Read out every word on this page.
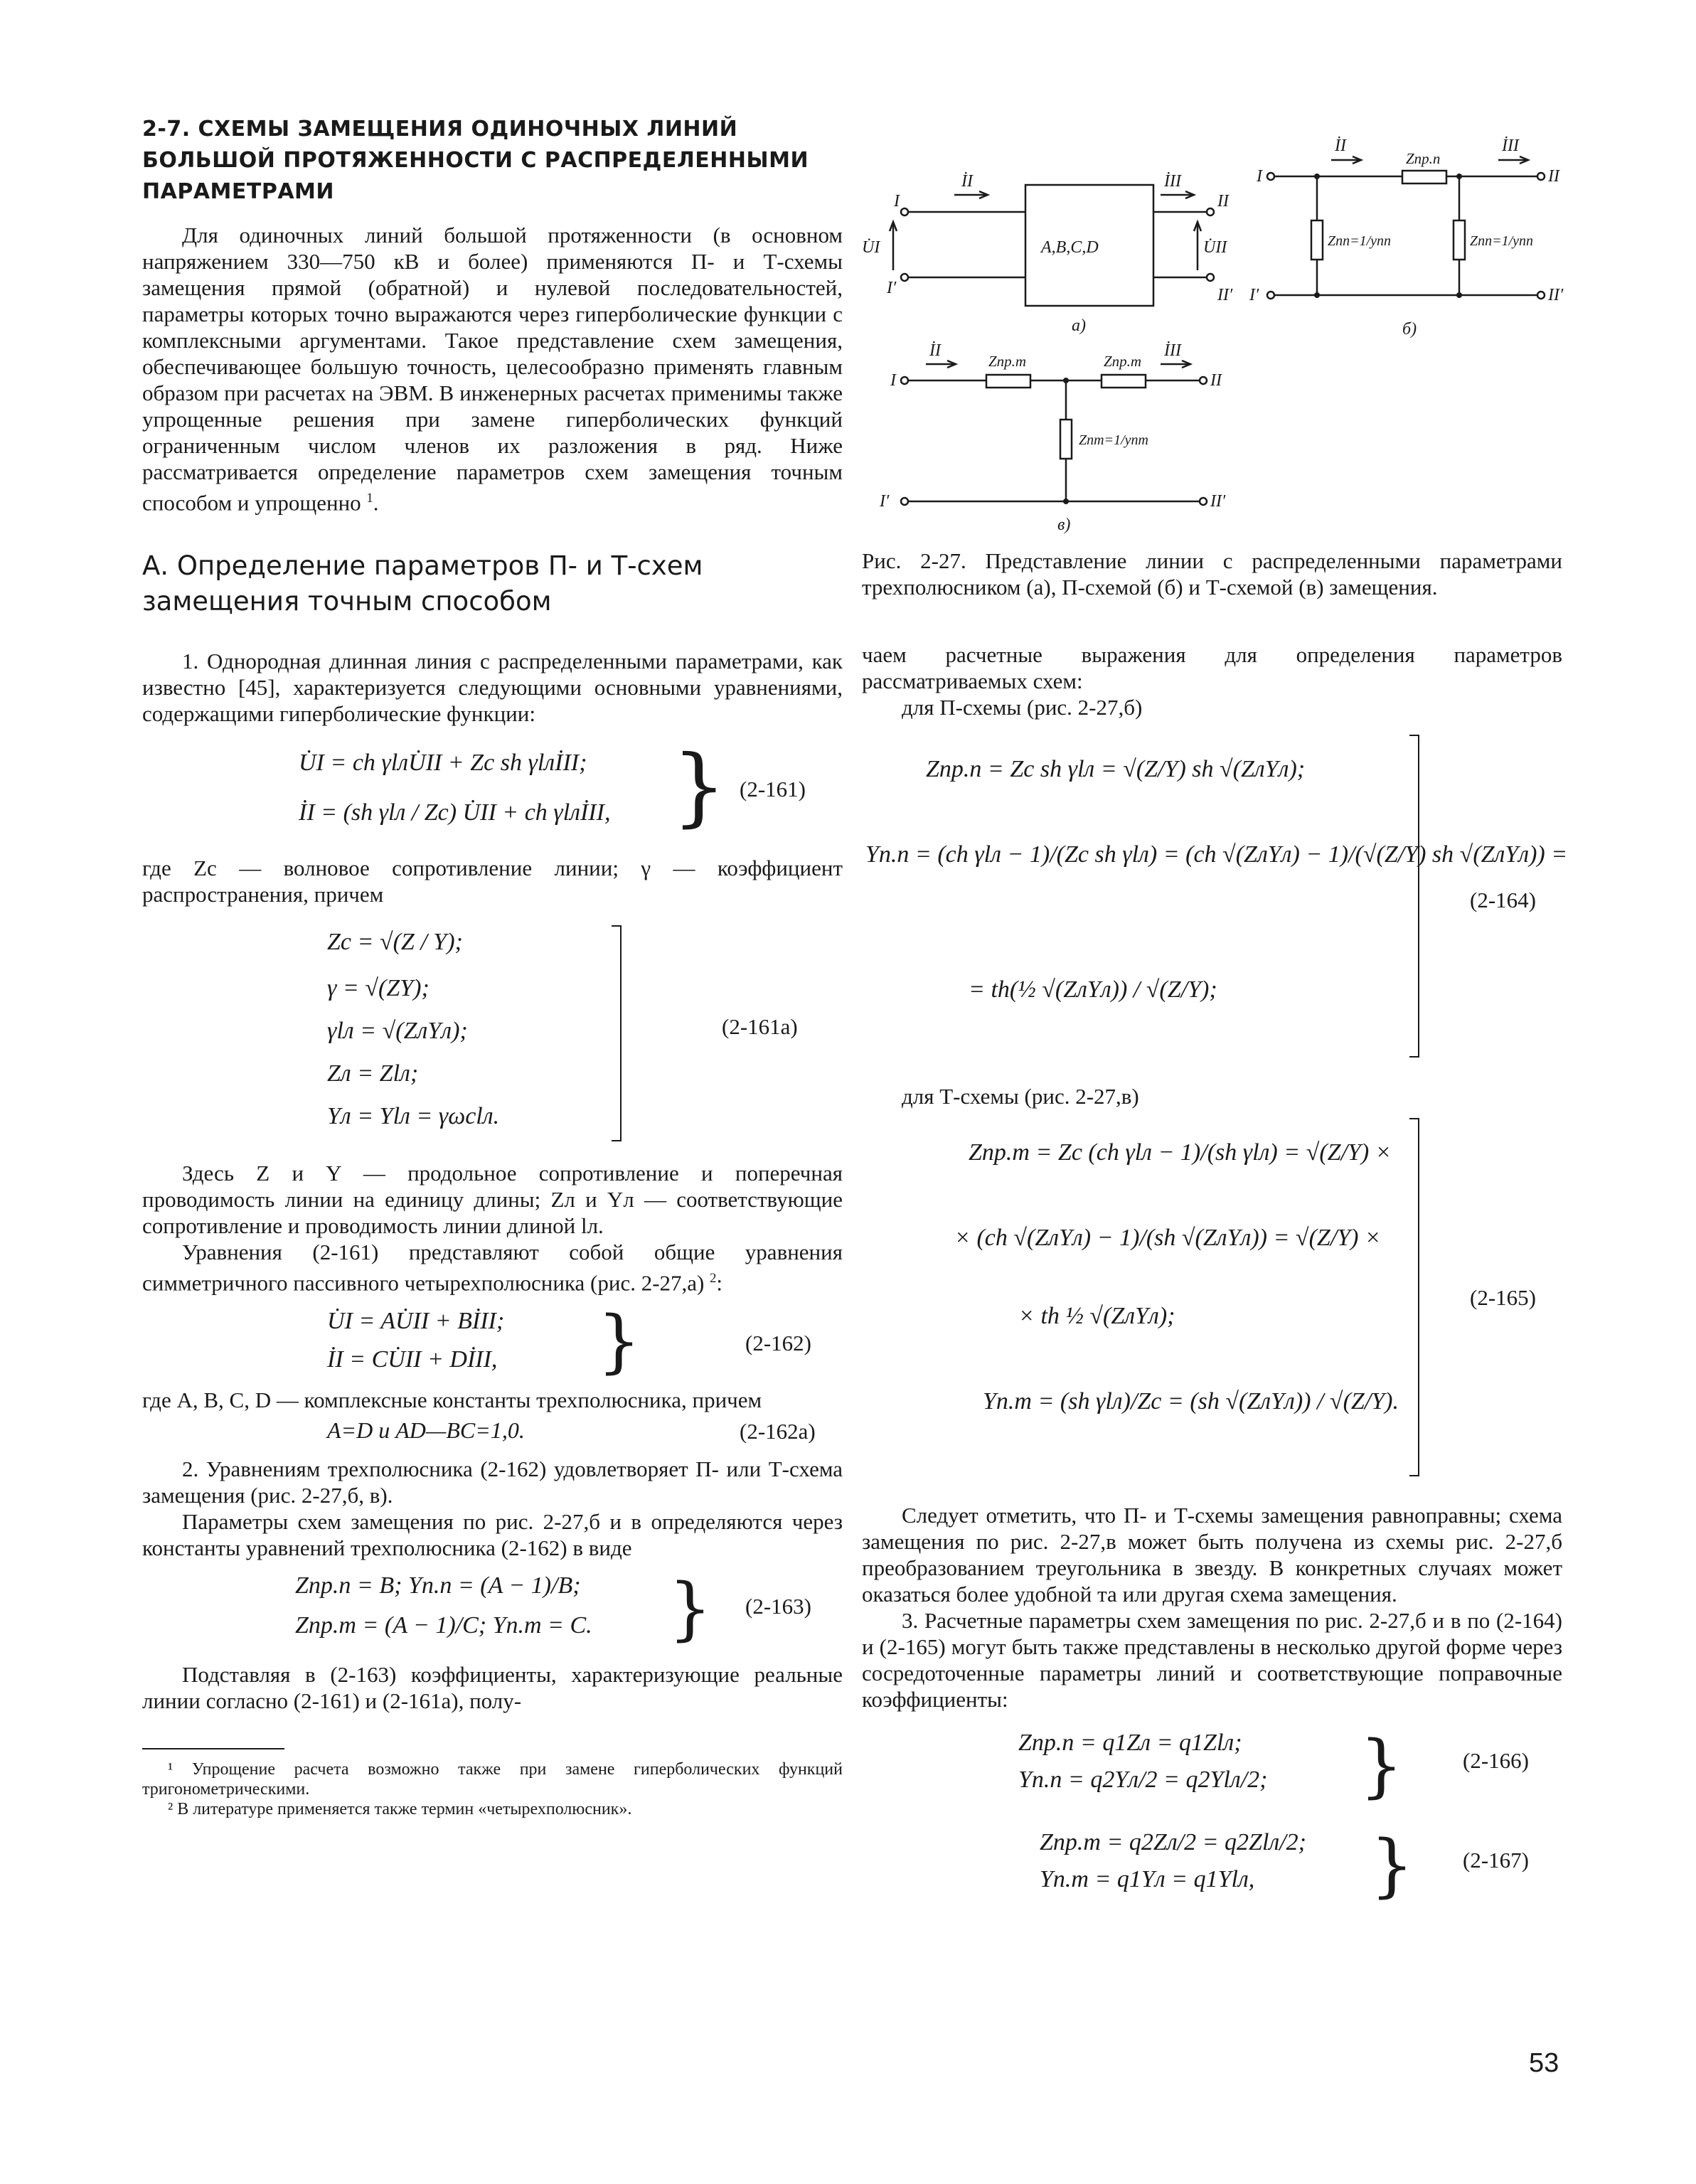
2-7. СХЕМЫ ЗАМЕЩЕНИЯ ОДИНОЧНЫХ ЛИНИЙ БОЛЬШОЙ ПРОТЯЖЕННОСТИ С РАСПРЕДЕЛЕННЫМИ ПАРАМЕТРАМИ

Для одиночных линий большой протяженности (в основном напряжением 330—750 кВ и более) применяются П- и Т-схемы замещения прямой (обратной) и нулевой последовательностей, параметры которых точно выражаются через гиперболические функции с комплексными аргументами. Такое представление схем замещения, обеспечивающее большую точность, целесообразно применять главным образом при расчетах на ЭВМ. В инженерных расчетах применимы также упрощенные решения при замене гиперболических функций ограниченным числом членов их разложения в ряд. Ниже рассматривается определение параметров схем замещения точным способом и упрощенно $^1$.

А. Определение параметров П- и Т-схем замещения точным способом

1. Однородная длинная линия с распределенными параметрами, как известно [45], характеризуется следующими основными уравнениями, содержащими гиперболические функции:

U̇I = ch γlлU̇II + Zc sh γlлİII;
İI = (sh γlл / Zc) U̇II + ch γlлİII, } (2-161)

где Zс — волновое сопротивление линии; γ — коэффициент распространения, причем

Zc = √(Z / Y);
γ = √(ZY);
γlл = √(ZлYл);
Zл = Zlл;
Yл = Ylл = γωclл.
(2-161а)

Здесь Z и Y — продольное сопротивление и поперечная проводимость линии на единицу длины; Zл и Yл — соответствующие сопротивление и проводимость линии длиной lл.

Уравнения (2-161) представляют собой общие уравнения симметричного пассивного четырехполюсника (рис. 2-27,а) $^2$:

U̇I = AU̇II + BİII;
İI = CU̇II + DİII, }	(2-162)

где A, B, C, D — комплексные константы трехполюсника, причем

A=D и AD—BC=1,0.	(2-162а)

2. Уравнениям трехполюсника (2-162) удовлетворяет П- или Т-схема замещения (рис. 2-27,б, в).

Параметры схем замещения по рис. 2-27,б и в определяются через константы уравнений трехполюсника (2-162) в виде

Zпр.п = B; Yп.п = (A − 1)/B;
Zпр.т = (A − 1)/C; Yп.т = C. } (2-163)

Подставляя в (2-163) коэффициенты, характеризующие реальные линии согласно (2-161) и (2-161а), полу-

¹ Упрощение расчета возможно также при замене гиперболических функций тригонометрическими.
² В литературе применяется также термин «четырехполюсник».
A,B,C,D
I
I′
II
II′
U̇I	U̇II
İI	İII
а)
I
I′
II
II′
İI	İII
Zпр.п
Zпп=1/yпп	Zпп=1/yпп
б)
I
I′
II
II′
İI	İII
Zпр.т	Zпр.т
Zпт=1/yпт
в)
Рис. 2-27. Представление линии с распределенными параметрами трехполюсником (а), П-схемой (б) и Т-схемой (в) замещения.

чаем расчетные выражения для определения параметров рассматриваемых схем:

для П-схемы (рис. 2-27,б)

Zпр.п = Zc sh γlл = √(Z/Y) sh √(ZлYл);
Yп.п = (ch γlл − 1)/(Zc sh γlл) = (ch √(ZлYл) − 1)/(√(Z/Y) sh √(ZлYл)) =
= th(½ √(ZлYл)) / √(Z/Y);
(2-164)

для Т-схемы (рис. 2-27,в)

Zпр.т = Zc (ch γlл − 1)/(sh γlл) = √(Z/Y) ×
× (ch √(ZлYл) − 1)/(sh √(ZлYл)) = √(Z/Y) ×
× th ½ √(ZлYл);
Yп.т = (sh γlл)/Zc = (sh √(ZлYл)) / √(Z/Y).
(2-165)

Следует отметить, что П- и Т-схемы замещения равноправны; схема замещения по рис. 2-27,в может быть получена из схемы рис. 2-27,б преобразованием треугольника в звезду. В конкретных случаях может оказаться более удобной та или другая схема замещения.

3. Расчетные параметры схем замещения по рис. 2-27,б и в по (2-164) и (2-165) могут быть также представлены в несколько другой форме через сосредоточенные параметры линий и соответствующие поправочные коэффициенты:

Zпр.п = q1Zл = q1Zlл;
Yп.п = q2Yл/2 = q2Ylл/2; }	(2-166)
Zпр.т = q2Zл/2 = q2Zlл/2;
Yп.т = q1Yл = q1Ylл, } (2-167)
53
